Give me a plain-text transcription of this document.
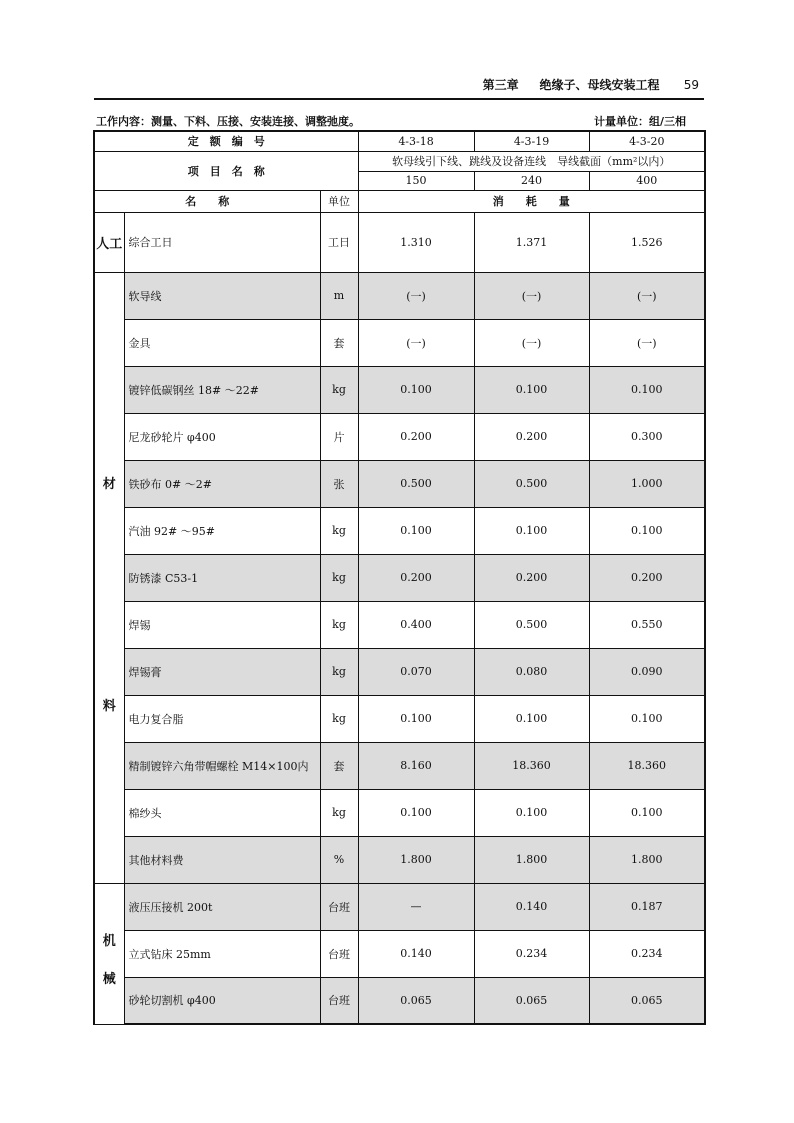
第三章 绝缘子、母线安装工程 59
工作内容：测量、下料、压接、安装连接、调整弛度。	计量单位：组/三相
定　额　编　号			4-3-18	4-3-19	4-3-20
项　目　名　称			软母线引下线、跳线及设备连线　导线截面（mm²以内）		
			150	240	400
名　　称		单位	消　　耗　　量		
人工	综合工日	工日	1.310	1.371	1.526

材
料	软导线	m	(一)	(一)	(一)
	金具	套	(一)	(一)	(一)
	镀锌低碳钢丝 18# ～22#	kg	0.100	0.100	0.100
	尼龙砂轮片 φ400	片	0.200	0.200	0.300
	铁砂布 0# ～2#	张	0.500	0.500	1.000
	汽油 92# ～95#	kg	0.100	0.100	0.100
	防锈漆 C53-1	kg	0.200	0.200	0.200
	焊锡	kg	0.400	0.500	0.550
	焊锡膏	kg	0.070	0.080	0.090
	电力复合脂	kg	0.100	0.100	0.100
	精制镀锌六角带帽螺栓 M14×100内	套	8.160	18.360	18.360
	棉纱头	kg	0.100	0.100	0.100
	其他材料费	%	1.800	1.800	1.800

机
械	液压压接机 200t	台班	—	0.140	0.187
	立式钻床 25mm	台班	0.140	0.234	0.234
	砂轮切割机 φ400	台班	0.065	0.065	0.065
